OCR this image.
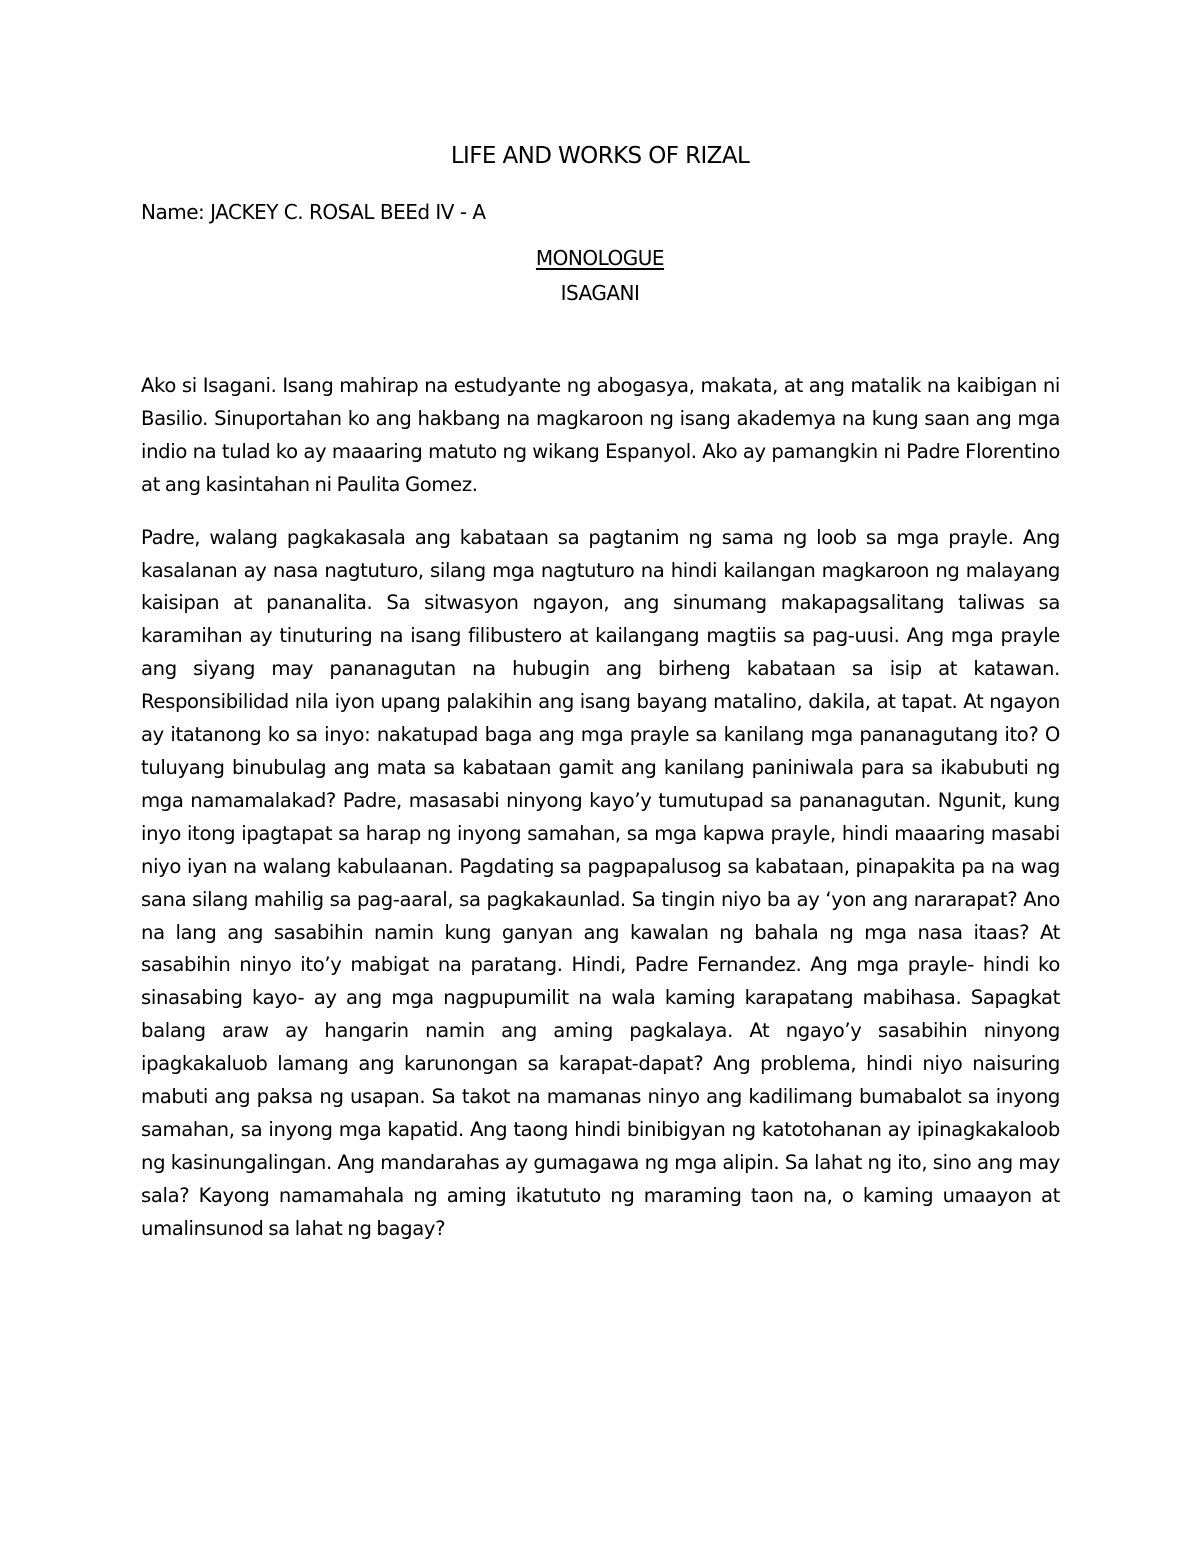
LIFE AND WORKS OF RIZAL
Name: JACKEY C. ROSAL BEEd IV - A
MONOLOGUE
ISAGANI

Ako si Isagani. Isang mahirap na estudyante ng abogasya, makata, at ang matalik na kaibigan ni Basilio. Sinuportahan ko ang hakbang na magkaroon ng isang akademya na kung saan ang mga indio na tulad ko ay maaaring matuto ng wikang Espanyol. Ako ay pamangkin ni Padre Florentino at ang kasintahan ni Paulita Gomez.

Padre, walang pagkakasala ang kabataan sa pagtanim ng sama ng loob sa mga prayle. Ang kasalanan ay nasa nagtuturo, silang mga nagtuturo na hindi kailangan magkaroon ng malayang kaisipan at pananalita. Sa sitwasyon ngayon, ang sinumang makapagsalitang taliwas sa karamihan ay tinuturing na isang filibustero at kailangang magtiis sa pag-uusi. Ang mga prayle ang siyang may pananagutan na hubugin ang birheng kabataan sa isip at katawan. Responsibilidad nila iyon upang palakihin ang isang bayang matalino, dakila, at tapat. At ngayon ay itatanong ko sa inyo: nakatupad baga ang mga prayle sa kanilang mga pananagutang ito? O tuluyang binubulag ang mata sa kabataan gamit ang kanilang paniniwala para sa ikabubuti ng mga namamalakad? Padre, masasabi ninyong kayo’y tumutupad sa pananagutan. Ngunit, kung inyo itong ipagtapat sa harap ng inyong samahan, sa mga kapwa prayle, hindi maaaring masabi niyo iyan na walang kabulaanan. Pagdating sa pagpapalusog sa kabataan, pinapakita pa na wag sana silang mahilig sa pag-aaral, sa pagkakaunlad. Sa tingin niyo ba ay ‘yon ang nararapat? Ano na lang ang sasabihin namin kung ganyan ang kawalan ng bahala ng mga nasa itaas? At sasabihin ninyo ito’y mabigat na paratang. Hindi, Padre Fernandez. Ang mga prayle- hindi ko sinasabing kayo- ay ang mga nagpupumilit na wala kaming karapatang mabihasa. Sapagkat balang araw ay hangarin namin ang aming pagkalaya. At ngayo’y sasabihin ninyong ipagkakaluob lamang ang karunongan sa karapat-dapat? Ang problema, hindi niyo naisuring mabuti ang paksa ng usapan. Sa takot na mamanas ninyo ang kadilimang bumabalot sa inyong samahan, sa inyong mga kapatid. Ang taong hindi binibigyan ng katotohanan ay ipinagkakaloob ng kasinungalingan. Ang mandarahas ay gumagawa ng mga alipin. Sa lahat ng ito, sino ang may sala? Kayong namamahala ng aming ikatututo ng maraming taon na, o kaming umaayon at umalinsunod sa lahat ng bagay?
